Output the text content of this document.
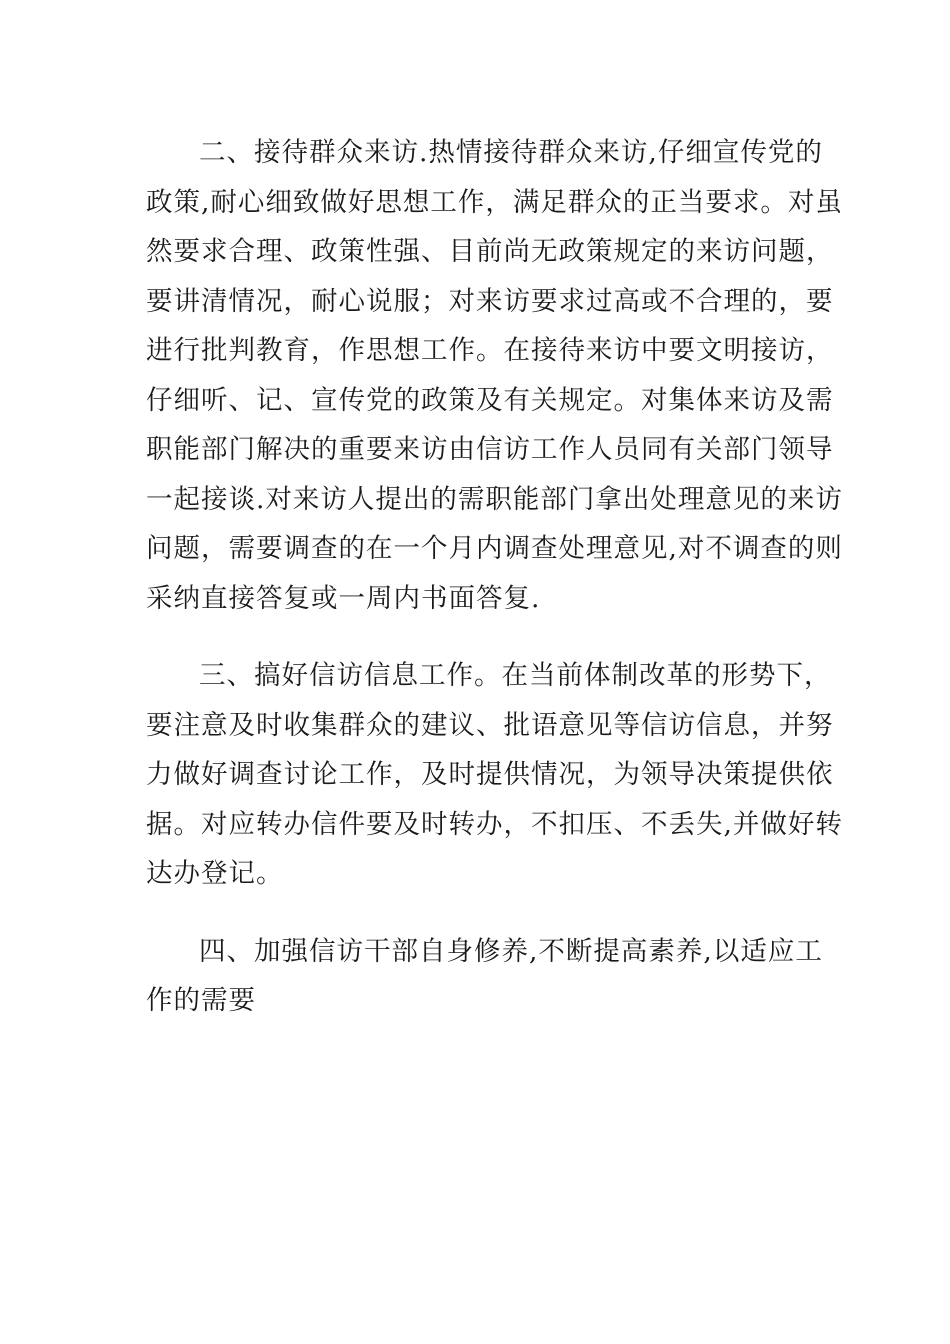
二、接待群众来访.热情接待群众来访,仔细宣传党的
政策,耐心细致做好思想工作，满足群众的正当要求。对虽
然要求合理、政策性强、目前尚无政策规定的来访问题，
要讲清情况，耐心说服；对来访要求过高或不合理的，要
进行批判教育，作思想工作。在接待来访中要文明接访，
仔细听、记、宣传党的政策及有关规定。对集体来访及需
职能部门解决的重要来访由信访工作人员同有关部门领导
一起接谈.对来访人提出的需职能部门拿出处理意见的来访
问题，需要调查的在一个月内调查处理意见,对不调查的则
采纳直接答复或一周内书面答复.
三、搞好信访信息工作。在当前体制改革的形势下，
要注意及时收集群众的建议、批语意见等信访信息，并努
力做好调查讨论工作，及时提供情况，为领导决策提供依
据。对应转办信件要及时转办，不扣压、不丢失,并做好转
达办登记。
四、加强信访干部自身修养,不断提高素养,以适应工
作的需要
